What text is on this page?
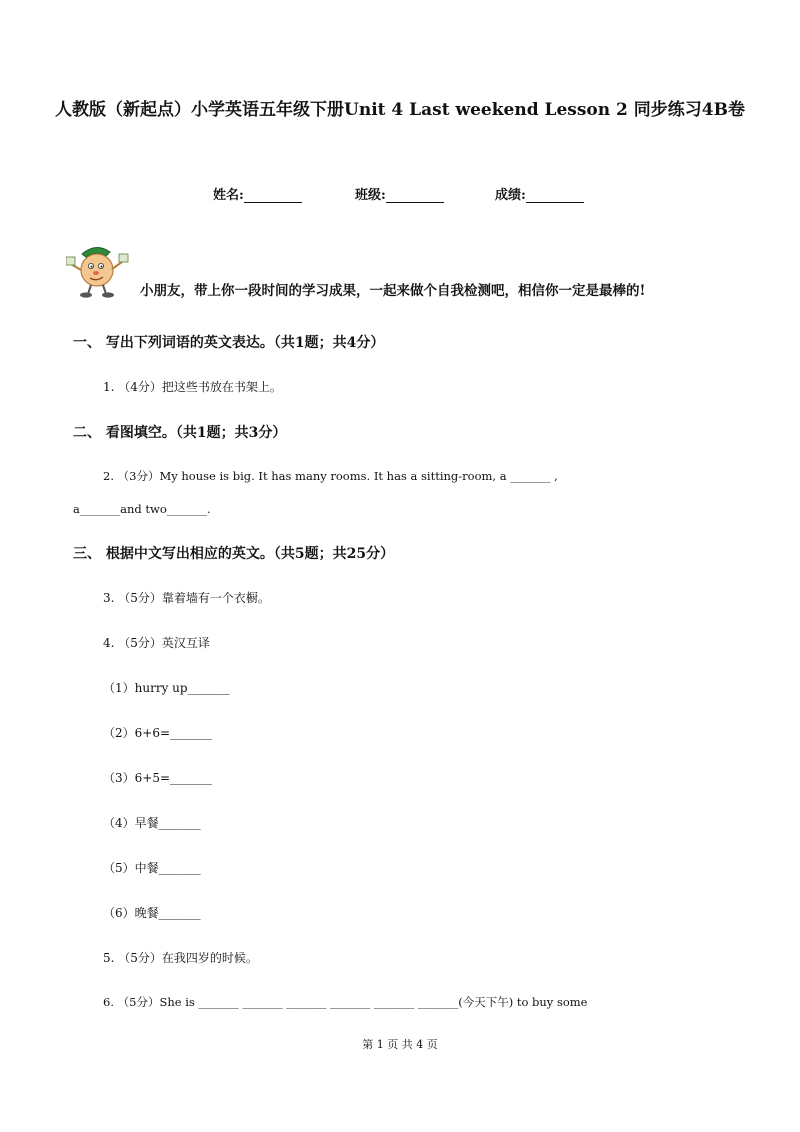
人教版（新起点）小学英语五年级下册Unit 4 Last weekend Lesson 2 同步练习4B卷
姓名:	班级:	成绩:
小朋友，带上你一段时间的学习成果，一起来做个自我检测吧，相信你一定是最棒的!
一、 写出下列词语的英文表达。（共1题；共4分）
1. （4分）把这些书放在书架上。
二、 看图填空。（共1题；共3分）
2. （3分）My house is big. It has many rooms. It has a sitting-room, a _______ ,
a_______and two_______.
三、 根据中文写出相应的英文。（共5题；共25分）
3. （5分）靠着墙有一个衣橱。
4. （5分）英汉互译
（1）hurry up_______
（2）6+6=_______
（3）6+5=_______
（4）早餐_______
（5）中餐_______
（6）晚餐_______
5. （5分）在我四岁的时候。
6. （5分）She is _______ _______ _______ _______ _______ _______(今天下午) to buy some
第 1 页 共 4 页
